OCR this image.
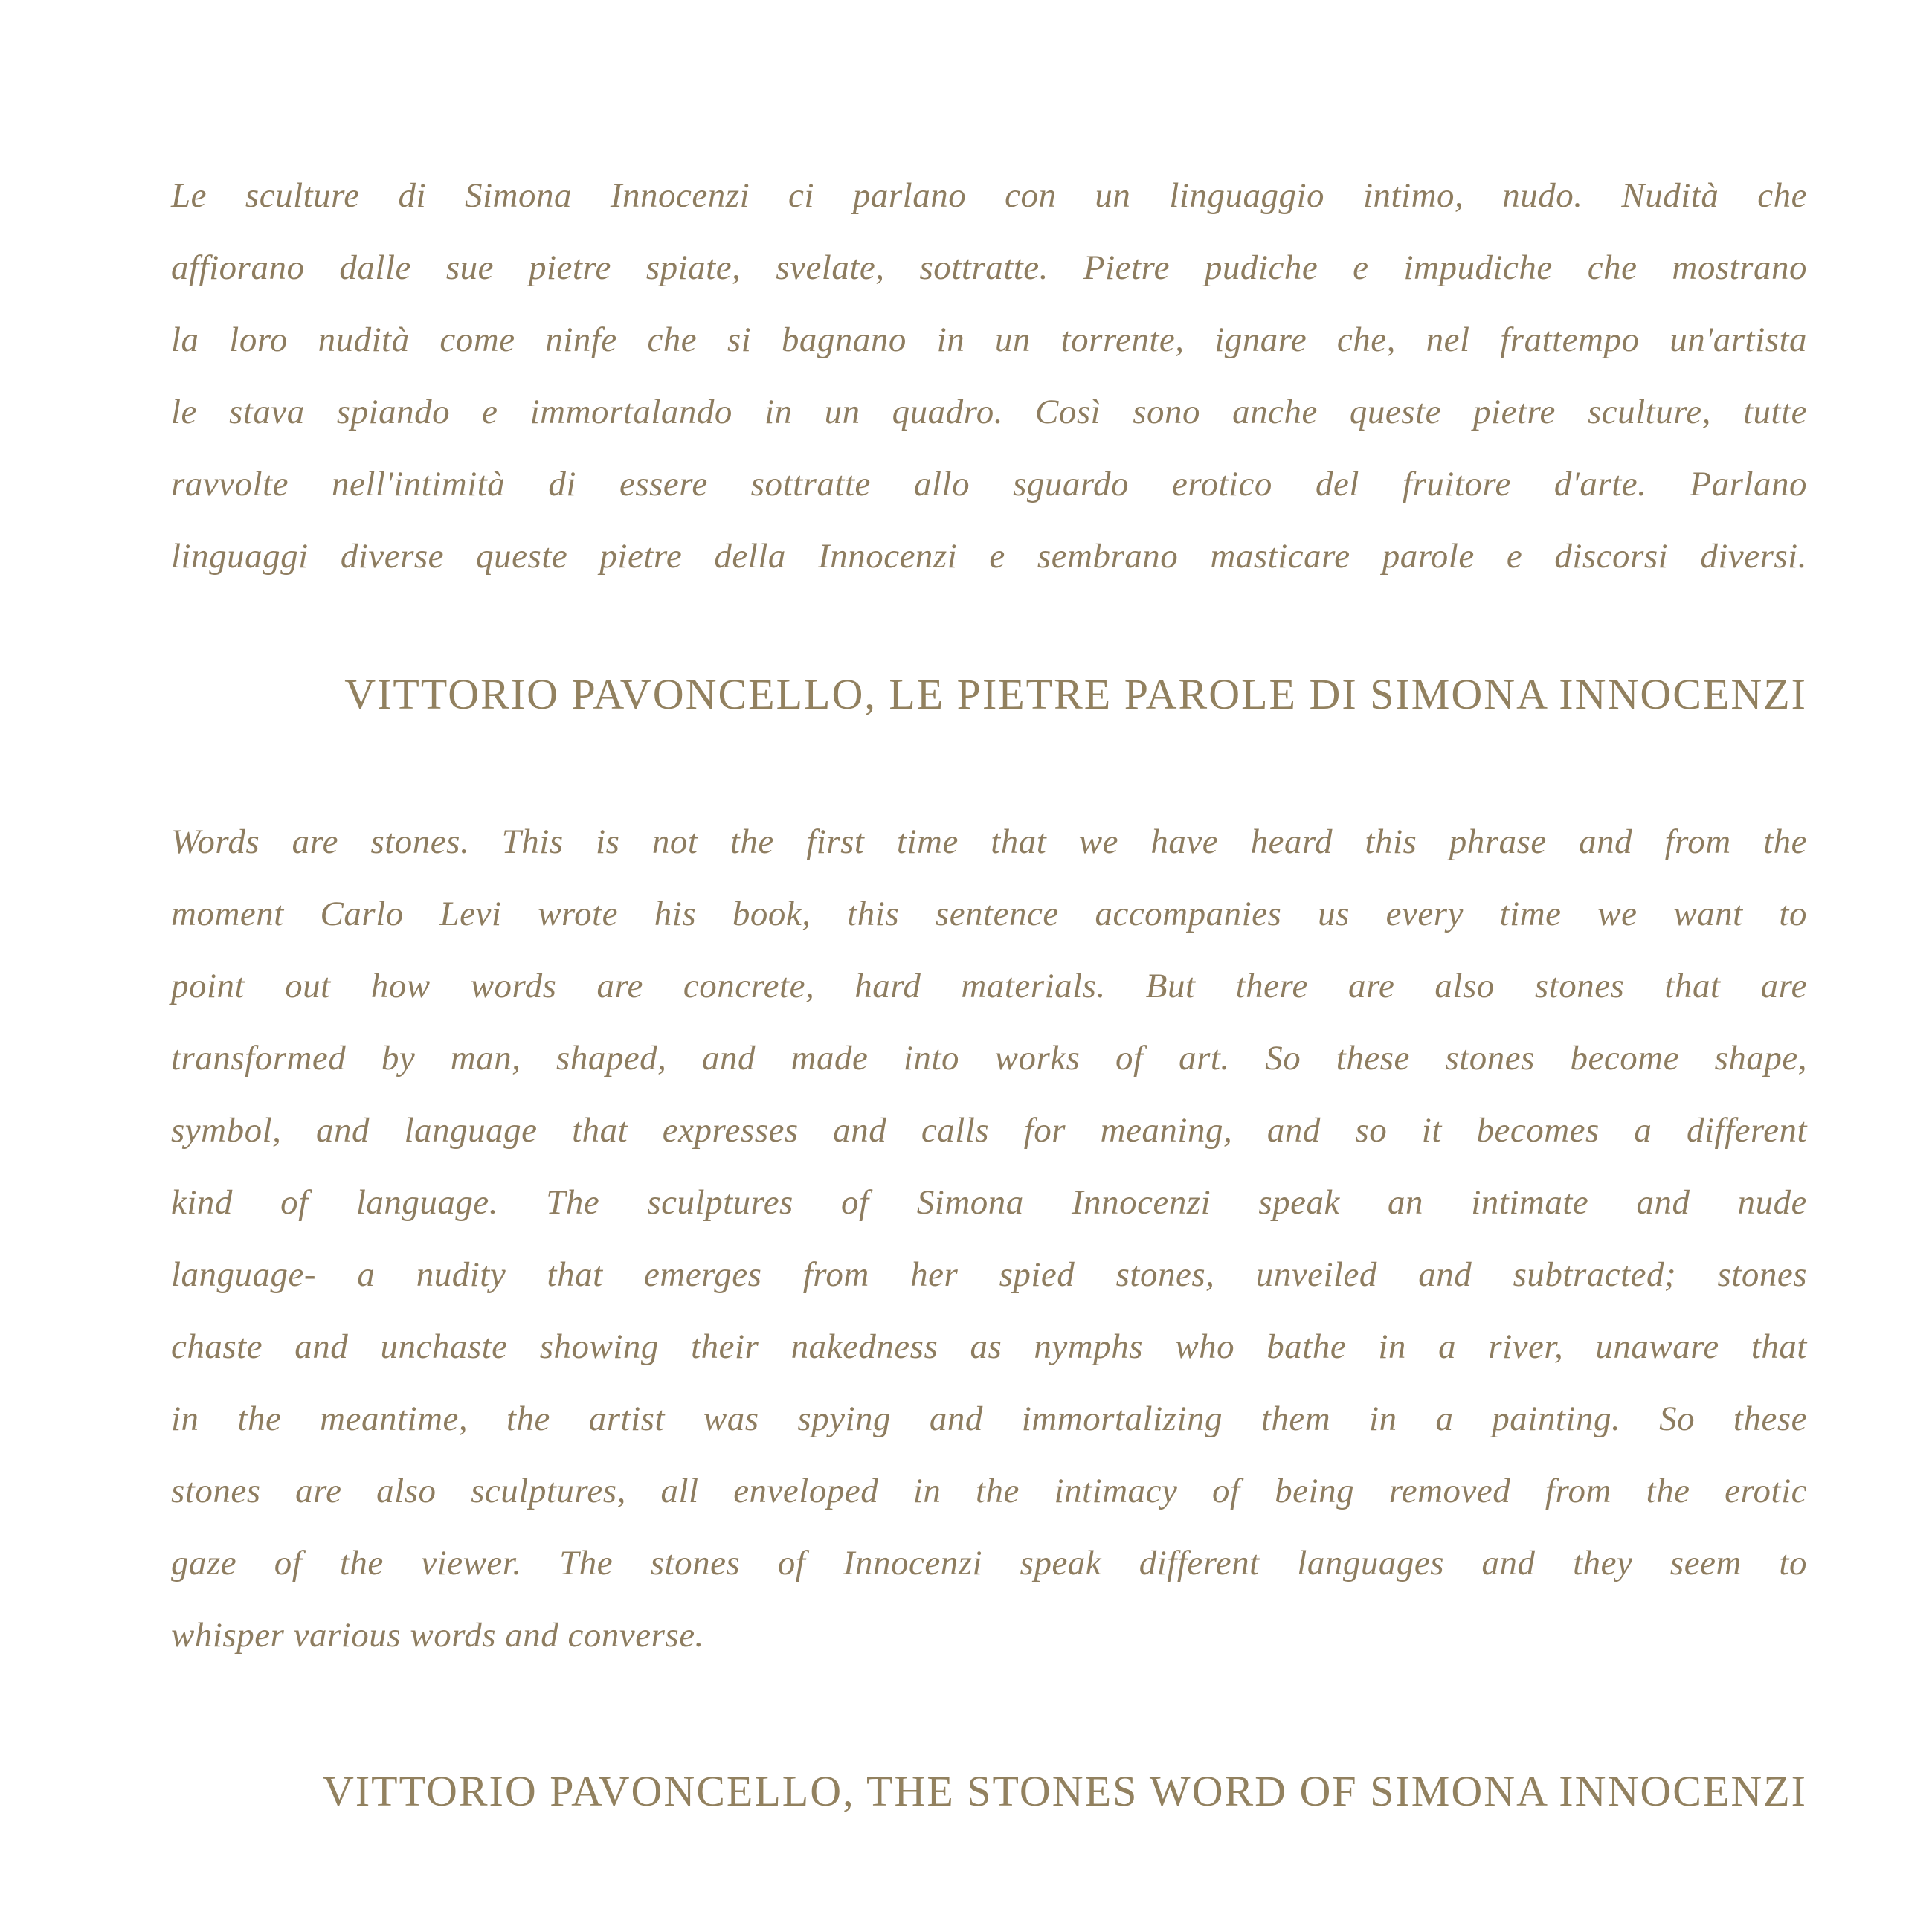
Le sculture di Simona Innocenzi ci parlano con un linguaggio intimo, nudo. Nudità che
affiorano dalle sue pietre spiate, svelate, sottratte. Pietre pudiche e impudiche che mostrano
la loro nudità come ninfe che si bagnano in un torrente, ignare che, nel frattempo un'artista
le stava spiando e immortalando in un quadro. Così sono anche queste pietre sculture, tutte
ravvolte nell'intimità di essere sottratte allo sguardo erotico del fruitore d'arte. Parlano
linguaggi diverse queste pietre della Innocenzi e sembrano masticare parole e discorsi diversi.
VITTORIO PAVONCELLO, LE PIETRE PAROLE DI SIMONA INNOCENZI
Words are stones. This is not the first time that we have heard this phrase and from the
moment Carlo Levi wrote his book, this sentence accompanies us every time we want to
point out how words are concrete, hard materials. But there are also stones that are
transformed by man, shaped, and made into works of art. So these stones become shape,
symbol, and language that expresses and calls for meaning, and so it becomes a different
kind of language. The sculptures of Simona Innocenzi speak an intimate and nude
language- a nudity that emerges from her spied stones, unveiled and subtracted; stones
chaste and unchaste showing their nakedness as nymphs who bathe in a river, unaware that
in the meantime, the artist was spying and immortalizing them in a painting. So these
stones are also sculptures, all enveloped in the intimacy of being removed from the erotic
gaze of the viewer. The stones of Innocenzi speak different languages and they seem to
whisper various words and converse.
VITTORIO PAVONCELLO, THE STONES WORD OF SIMONA INNOCENZI
